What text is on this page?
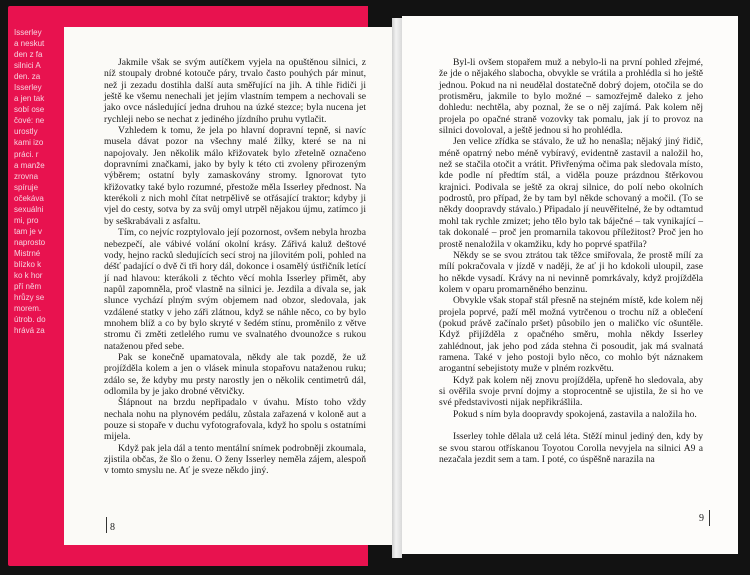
Isserley
a neskut
den z fa
silnici A
den. za
Isserley
a jen tak
sobí ose
čové: ne
urostly
kami izo
práci. r
a manže
zrovna
spíruje
očekáva
sexuálni
mi, pro
tam je v
naprosto
Mistrné
blízko k
ko k hor
pří něm
hrůzy se
morem.
útrob. do
hrává za

Jakmile však se svým autíčkem vyjela na opuštěnou silnici, z níž stoupaly drobné kotouče páry, trvalo často pouhých pár minut, než ji zezadu dostihla další auta směřující na jih. A tihle řidiči ji ještě ke všemu nenechali jet jejím vlastním tempem a nechovali se jako ovce následující jedna druhou na úzké stezce; byla nucena jet rychleji nebo se nechat z jediného jízdního pruhu vytlačit.

Vzhledem k tomu, že jela po hlavní dopravní tepně, si navíc musela dávat pozor na všechny malé žilky, které se na ni napojovaly. Jen několik málo křižovatek bylo zřetelně označeno dopravními značkami, jako by byly k této cti zvoleny přirozeným výběrem; ostatní byly zamaskovány stromy. Ignorovat tyto křižovatky také bylo rozumné, přestože měla Isserley přednost. Na kterékoli z nich mohl čítat netrpělivě se otřásající traktor; kdyby ji vjel do cesty, sotva by za svůj omyl utrpěl nějakou újmu, zatímco ji by seškrabávali z asfaltu.

Tím, co nejvíc rozptylovalo její pozornost, ovšem nebyla hrozba nebezpečí, ale vábivé volání okolní krásy. Zářivá kaluž deštové vody, hejno racků sledujících secí stroj na jílovitém poli, pohled na déšť padající o dvě či tři hory dál, dokonce i osamělý ústřičník letící jí nad hlavou: kterákoli z těchto věcí mohla Isserley přimět, aby napůl zapomněla, proč vlastně na silnici je. Jezdila a dívala se, jak slunce vychází plným svým objemem nad obzor, sledovala, jak vzdálené statky v jeho záři zlátnou, když se náhle něco, co by bylo mnohem blíž a co by bylo skryté v šedém stínu, proměnilo z větve stromu či změti zetlelého rumu ve svalnatého dvounožce s rukou nataženou před sebe.

Pak se konečně upamatovala, někdy ale tak pozdě, že už projížděla kolem a jen o vlásek minula stopařovu nataženou ruku; zdálo se, že kdyby mu prsty narostly jen o několik centimetrů dál, odlomila by je jako drobné větvičky.

Šlápnout na brzdu nepřipadalo v úvahu. Místo toho vždy nechala nohu na plynovém pedálu, zůstala zařazená v koloně aut a pouze si stopaře v duchu vyfotografovala, když ho spolu s ostatními mijela.

Když pak jela dál a tento mentální snímek podrobněji zkoumala, zjistila občas, že šlo o ženu. O ženy Isserley neměla zájem, alespoň v tomto smyslu ne. Ať je sveze někdo jiný.

8

Byl-li ovšem stopařem muž a nebylo-li na první pohled zřejmé, že jde o nějakého slabocha, obvykle se vrátila a prohlédla si ho ještě jednou. Pokud na ni neudělal dostatečně dobrý dojem, otočila se do protisměru, jakmile to bylo možné – samozřejmě daleko z jeho dohledu: nechtěla, aby poznal, že se o něj zajímá. Pak kolem něj projela po opačné straně vozovky tak pomalu, jak jí to provoz na silnici dovoloval, a ještě jednou si ho prohlédla.

Jen velice zřídka se stávalo, že už ho nenašla; nějaký jiný řidič, méně opatrný nebo méně vybíravý, evidentně zastavil a naložil ho, než se stačila otočit a vrátit. Přivřenýma očima pak sledovala místo, kde podle ní předtím stál, a viděla pouze prázdnou štěrkovou krajnici. Podivala se ještě za okraj silnice, do polí nebo okolních podrostů, pro případ, že by tam byl někde schovaný a močil. (To se někdy doopravdy stávalo.) Připadalo jí neuvěřitelné, že by odtamtud mohl tak rychle zmizet; jeho tělo bylo tak báječné – tak vynikající – tak dokonalé – proč jen promarnila takovou příležitost? Proč jen ho prostě nenaložila v okamžiku, kdy ho poprvé spatřila?

Někdy se se svou ztrátou tak těžce smiřovala, že prostě mílí za mílí pokračovala v jízdě v naději, že ať ji ho kdokoli uloupil, zase ho někde vysadí. Krávy na ni nevinně pomrkávaly, když projížděla kolem v oparu promarněného benzinu.

Obvykle však stopař stál přesně na stejném místě, kde kolem něj projela poprvé, paží měl možná vytrčenou o trochu níž a oblečení (pokud právě začínalo pršet) působilo jen o maličko víc ošuntěle. Když přijížděla z opačného směru, mohla někdy Isserley zahlédnout, jak jeho pod záda stehna či posoudit, jak má svalnatá ramena. Také v jeho postoji bylo něco, co mohlo být náznakem arogantní sebejistoty muže v plném rozkvětu.

Když pak kolem něj znovu projížděla, upřeně ho sledovala, aby si ověřila svoje první dojmy a stoprocentně se ujistila, že si ho ve své představivosti nijak nepřikrášlila.

Pokud s ním byla doopravdy spokojená, zastavila a naložila ho.

Isserley tohle dělala už celá léta. Stěží minul jediný den, kdy by se svou starou otřískanou Toyotou Corolla nevyjela na silnici A9 a nezačala jezdit sem a tam. I poté, co úspěšně narazila na

9
